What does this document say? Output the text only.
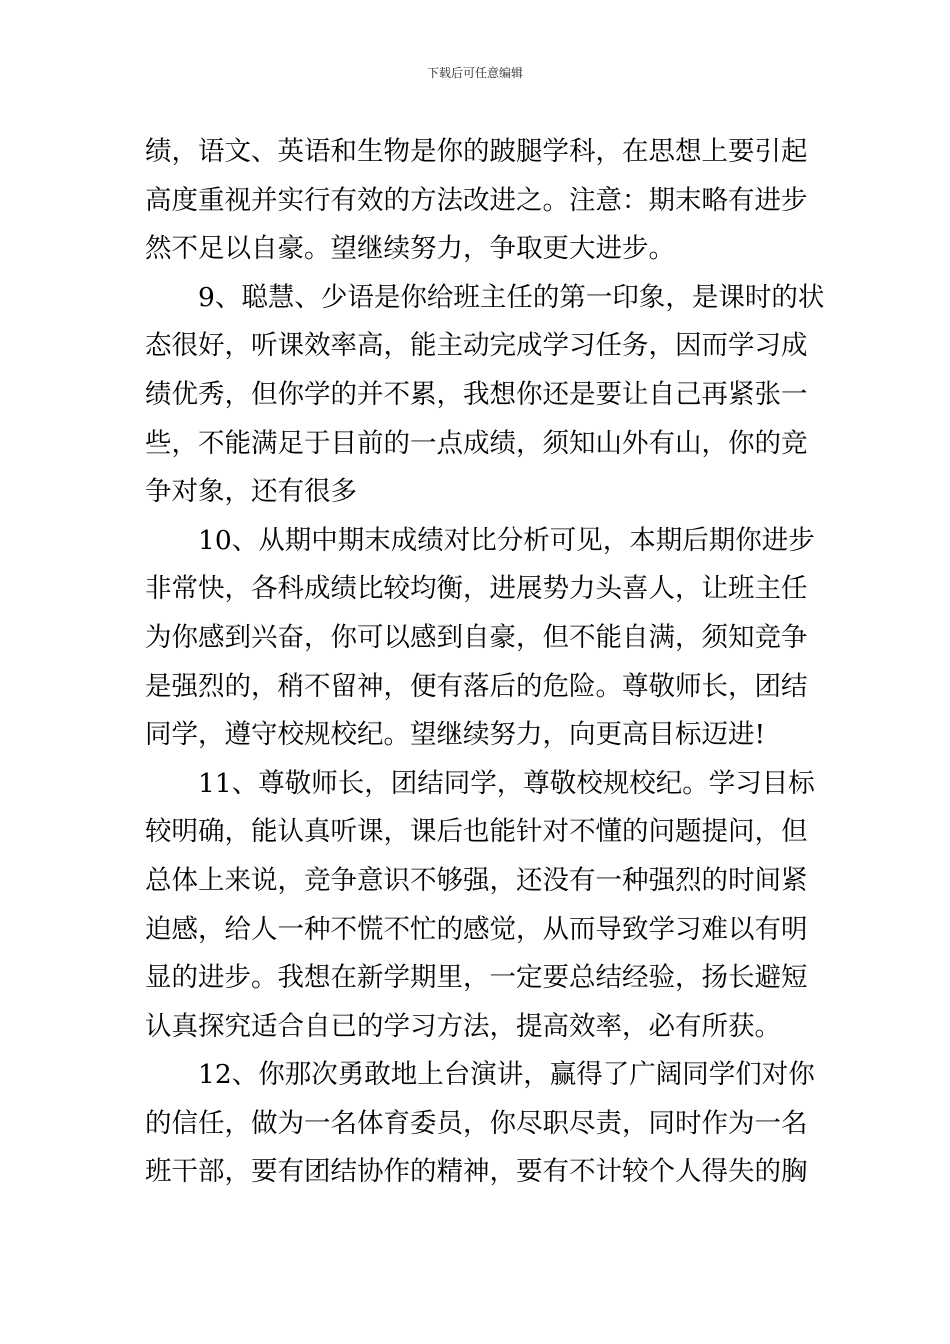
下载后可任意编辑
绩，语文、英语和生物是你的跛腿学科，在思想上要引起
高度重视并实行有效的方法改进之。注意：期末略有进步
然不足以自豪。望继续努力，争取更大进步。
9、聪慧、少语是你给班主任的第一印象，是课时的状
态很好，听课效率高，能主动完成学习任务，因而学习成
绩优秀，但你学的并不累，我想你还是要让自己再紧张一
些，不能满足于目前的一点成绩，须知山外有山，你的竞
争对象，还有很多
10、从期中期末成绩对比分析可见，本期后期你进步
非常快，各科成绩比较均衡，进展势力头喜人，让班主任
为你感到兴奋，你可以感到自豪，但不能自满，须知竞争
是强烈的，稍不留神，便有落后的危险。尊敬师长，团结
同学，遵守校规校纪。望继续努力，向更高目标迈进!
11、尊敬师长，团结同学，尊敬校规校纪。学习目标
较明确，能认真听课，课后也能针对不懂的问题提问，但
总体上来说，竞争意识不够强，还没有一种强烈的时间紧
迫感，给人一种不慌不忙的感觉，从而导致学习难以有明
显的进步。我想在新学期里，一定要总结经验，扬长避短
认真探究适合自已的学习方法，提高效率，必有所获。
12、你那次勇敢地上台演讲，赢得了广阔同学们对你
的信任，做为一名体育委员，你尽职尽责，同时作为一名
班干部，要有团结协作的精神，要有不计较个人得失的胸
